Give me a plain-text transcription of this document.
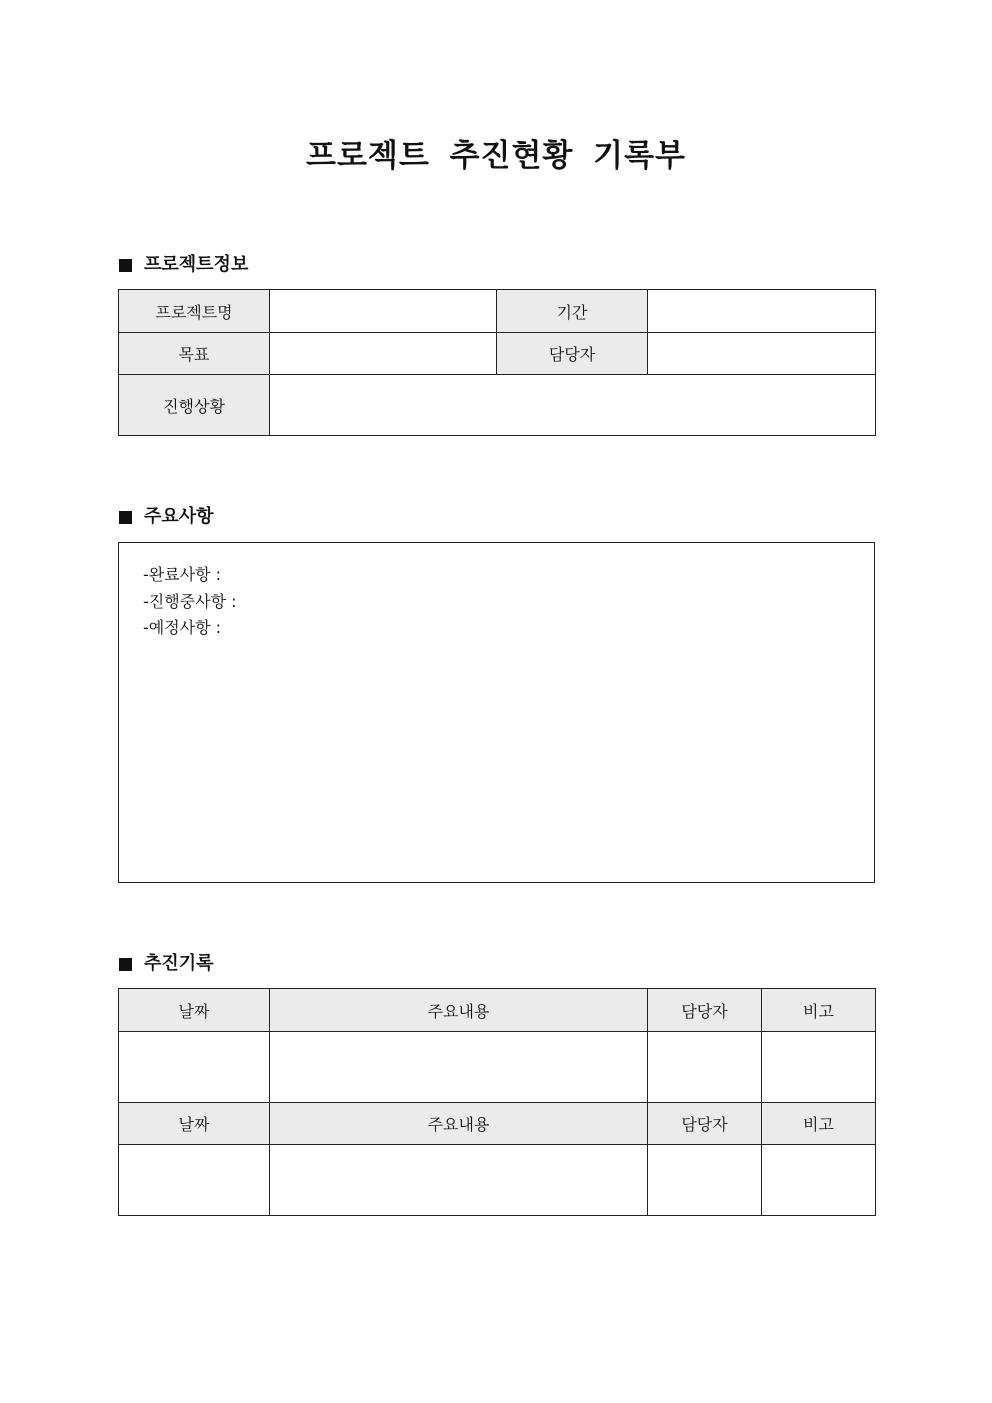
프로젝트 추진현황 기록부
프로젝트정보
프로젝트명		기간	
목표		담당자	
진행상황			
주요사항
-완료사항 :
-진행중사항 :
-예정사항 :
추진기록
날짜	주요내용	담당자	비고

날짜	주요내용	담당자	비고
